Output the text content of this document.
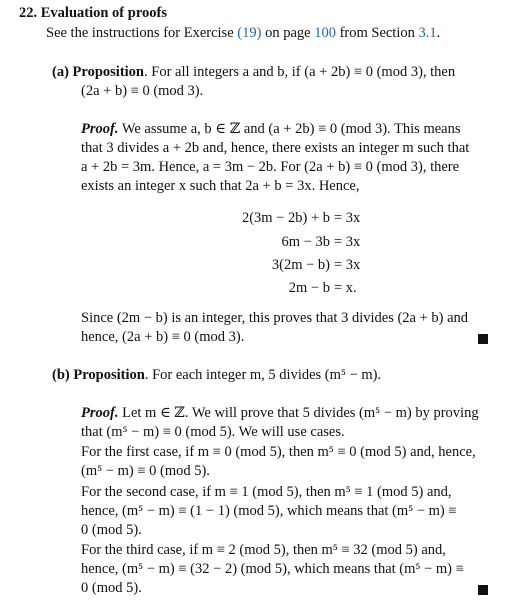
22. Evaluation of proofs
See the instructions for Exercise (19) on page 100 from Section 3.1.
(a) Proposition. For all integers a and b, if (a + 2b) ≡ 0 (mod 3), then
(2a + b) ≡ 0 (mod 3).
Proof. We assume a, b ∈ ℤ and (a + 2b) ≡ 0 (mod 3). This means
that 3 divides a + 2b and, hence, there exists an integer m such that
a + 2b = 3m. Hence, a = 3m − 2b. For (2a + b) ≡ 0 (mod 3), there
exists an integer x such that 2a + b = 3x. Hence,
2(3m − 2b) + b = 3x
6m − 3b = 3x
3(2m − b) = 3x
2m − b = x.
Since (2m − b) is an integer, this proves that 3 divides (2a + b) and
hence, (2a + b) ≡ 0 (mod 3).
(b) Proposition. For each integer m, 5 divides (m⁵ − m).
Proof. Let m ∈ ℤ. We will prove that 5 divides (m⁵ − m) by proving
that (m⁵ − m) ≡ 0 (mod 5). We will use cases.
For the first case, if m ≡ 0 (mod 5), then m⁵ ≡ 0 (mod 5) and, hence,
(m⁵ − m) ≡ 0 (mod 5).
For the second case, if m ≡ 1 (mod 5), then m⁵ ≡ 1 (mod 5) and,
hence, (m⁵ − m) ≡ (1 − 1) (mod 5), which means that (m⁵ − m) ≡
0 (mod 5).
For the third case, if m ≡ 2 (mod 5), then m⁵ ≡ 32 (mod 5) and,
hence, (m⁵ − m) ≡ (32 − 2) (mod 5), which means that (m⁵ − m) ≡
0 (mod 5).
